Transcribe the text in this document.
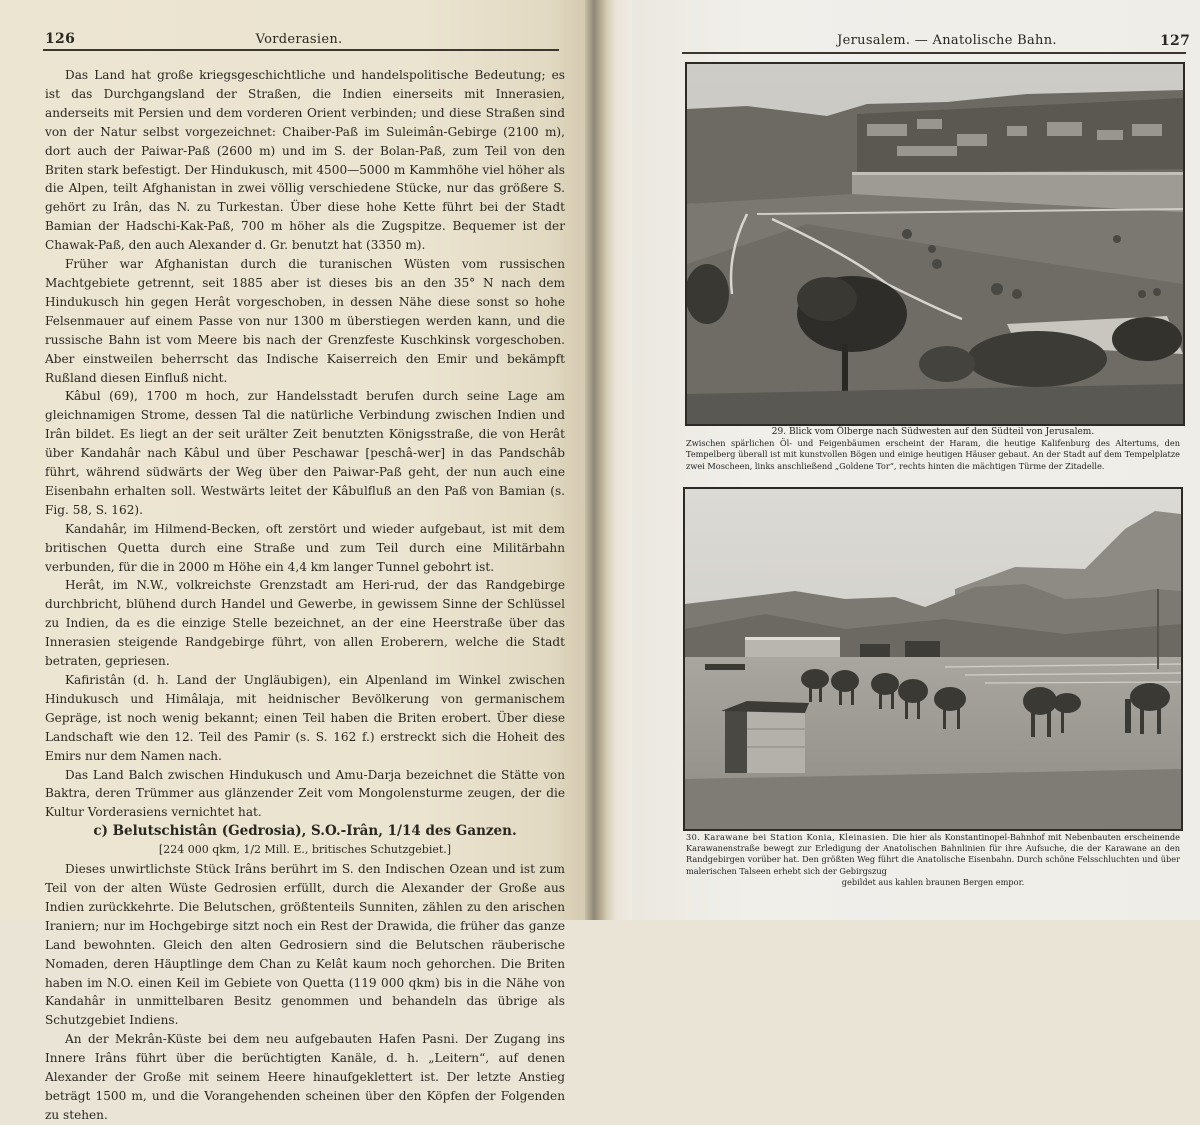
126	Vorderasien.

Das Land hat große kriegsgeschichtliche und handelspolitische Bedeutung; es ist das Durchgangsland der Straßen, die Indien einerseits mit Innerasien, anderseits mit Persien und dem vorderen Orient verbinden; und diese Straßen sind von der Natur selbst vorgezeichnet: Chaiber-Paß im Suleimân-Gebirge (2100 m), dort auch der Paiwar-Paß (2600 m) und im S. der Bolan-Paß, zum Teil von den Briten stark befestigt. Der Hindukusch, mit 4500—5000 m Kammhöhe viel höher als die Alpen, teilt Afghanistan in zwei völlig verschiedene Stücke, nur das größere S. gehört zu Irân, das N. zu Turkestan. Über diese hohe Kette führt bei der Stadt Bamian der Hadschi-Kak-Paß, 700 m höher als die Zugspitze. Bequemer ist der Chawak-Paß, den auch Alexander d. Gr. benutzt hat (3350 m).

Früher war Afghanistan durch die turanischen Wüsten vom russischen Machtgebiete getrennt, seit 1885 aber ist dieses bis an den 35° N nach dem Hindukusch hin gegen Herât vorgeschoben, in dessen Nähe diese sonst so hohe Felsenmauer auf einem Passe von nur 1300 m überstiegen werden kann, und die russische Bahn ist vom Meere bis nach der Grenzfeste Kuschkinsk vorgeschoben. Aber einstweilen beherrscht das Indische Kaiserreich den Emir und bekämpft Rußland diesen Einfluß nicht.

Kâbul (69), 1700 m hoch, zur Handelsstadt berufen durch seine Lage am gleichnamigen Strome, dessen Tal die natürliche Verbindung zwischen Indien und Irân bildet. Es liegt an der seit urälter Zeit benutzten Königsstraße, die von Herât über Kandahâr nach Kâbul und über Peschawar [peschâ-wer] in das Pandschâb führt, während südwärts der Weg über den Paiwar-Paß geht, der nun auch eine Eisenbahn erhalten soll. Westwärts leitet der Kâbulfluß an den Paß von Bamian (s. Fig. 58, S. 162).

Kandahâr, im Hilmend-Becken, oft zerstört und wieder aufgebaut, ist mit dem britischen Quetta durch eine Straße und zum Teil durch eine Militärbahn verbunden, für die in 2000 m Höhe ein 4,4 km langer Tunnel gebohrt ist.

Herât, im N.W., volkreichste Grenzstadt am Heri-rud, der das Randgebirge durchbricht, blühend durch Handel und Gewerbe, in gewissem Sinne der Schlüssel zu Indien, da es die einzige Stelle bezeichnet, an der eine Heerstraße über das Innerasien steigende Randgebirge führt, von allen Eroberern, welche die Stadt betraten, gepriesen.

Kafiristân (d. h. Land der Ungläubigen), ein Alpenland im Winkel zwischen Hindukusch und Himâlaja, mit heidnischer Bevölkerung von germanischem Gepräge, ist noch wenig bekannt; einen Teil haben die Briten erobert. Über diese Landschaft wie den 12. Teil des Pamir (s. S. 162 f.) erstreckt sich die Hoheit des Emirs nur dem Namen nach.

Das Land Balch zwischen Hindukusch und Amu-Darja bezeichnet die Stätte von Baktra, deren Trümmer aus glänzender Zeit vom Mongolensturme zeugen, der die Kultur Vorderasiens vernichtet hat.

c) Belutschistân (Gedrosia), S.O.-Irân, 1/14 des Ganzen.

[224 000 qkm, 1/2 Mill. E., britisches Schutzgebiet.]

Dieses unwirtlichste Stück Irâns berührt im S. den Indischen Ozean und ist zum Teil von der alten Wüste Gedrosien erfüllt, durch die Alexander der Große aus Indien zurückkehrte. Die Belutschen, größtenteils Sunniten, zählen zu den arischen Iraniern; nur im Hochgebirge sitzt noch ein Rest der Drawida, die früher das ganze Land bewohnten. Gleich den alten Gedrosiern sind die Belutschen räuberische Nomaden, deren Häuptlinge dem Chan zu Kelât kaum noch gehorchen. Die Briten haben im N.O. einen Keil im Gebiete von Quetta (119 000 qkm) bis in die Nähe von Kandahâr in unmittelbaren Besitz genommen und behandeln das übrige als Schutzgebiet Indiens.

An der Mekrân-Küste bei dem neu aufgebauten Hafen Pasni. Der Zugang ins Innere Irâns führt über die berüchtigten Kanäle, d. h. „Leitern“, auf denen Alexander der Große mit seinem Heere hinaufgeklettert ist. Der letzte Anstieg beträgt 1500 m, und die Vorangehenden scheinen über den Köpfen der Folgenden zu stehen.

Jerusalem. — Anatolische Bahn.	127
29. Blick vom Ölberge nach Südwesten auf den Südteil von Jerusalem.
Zwischen spärlichen Öl- und Feigenbäumen erscheint der Haram, die heutige Kalifenburg des Altertums, den Tempelberg überall ist mit kunstvollen Bögen und einige heutigen Häuser gebaut. An der Stadt auf dem Tempelplatze zwei Moscheen, links anschließend „Goldene Tor“, rechts hinten die mächtigen Türme der Zitadelle.
30. Karawane bei Station Konia, Kleinasien. Die hier als Konstantinopel-Bahnhof mit Nebenbauten erscheinende Karawanenstraße bewegt zur Erledigung der Anatolischen Bahnlinien für ihre Aufsuche, die der Karawane an den Randgebirgen vorüber hat. Den größten Weg führt die Anatolische Eisenbahn. Durch schöne Felsschluchten und über malerischen Talseen erhebt sich der Gebirgszug
gebildet aus kahlen braunen Bergen empor.
